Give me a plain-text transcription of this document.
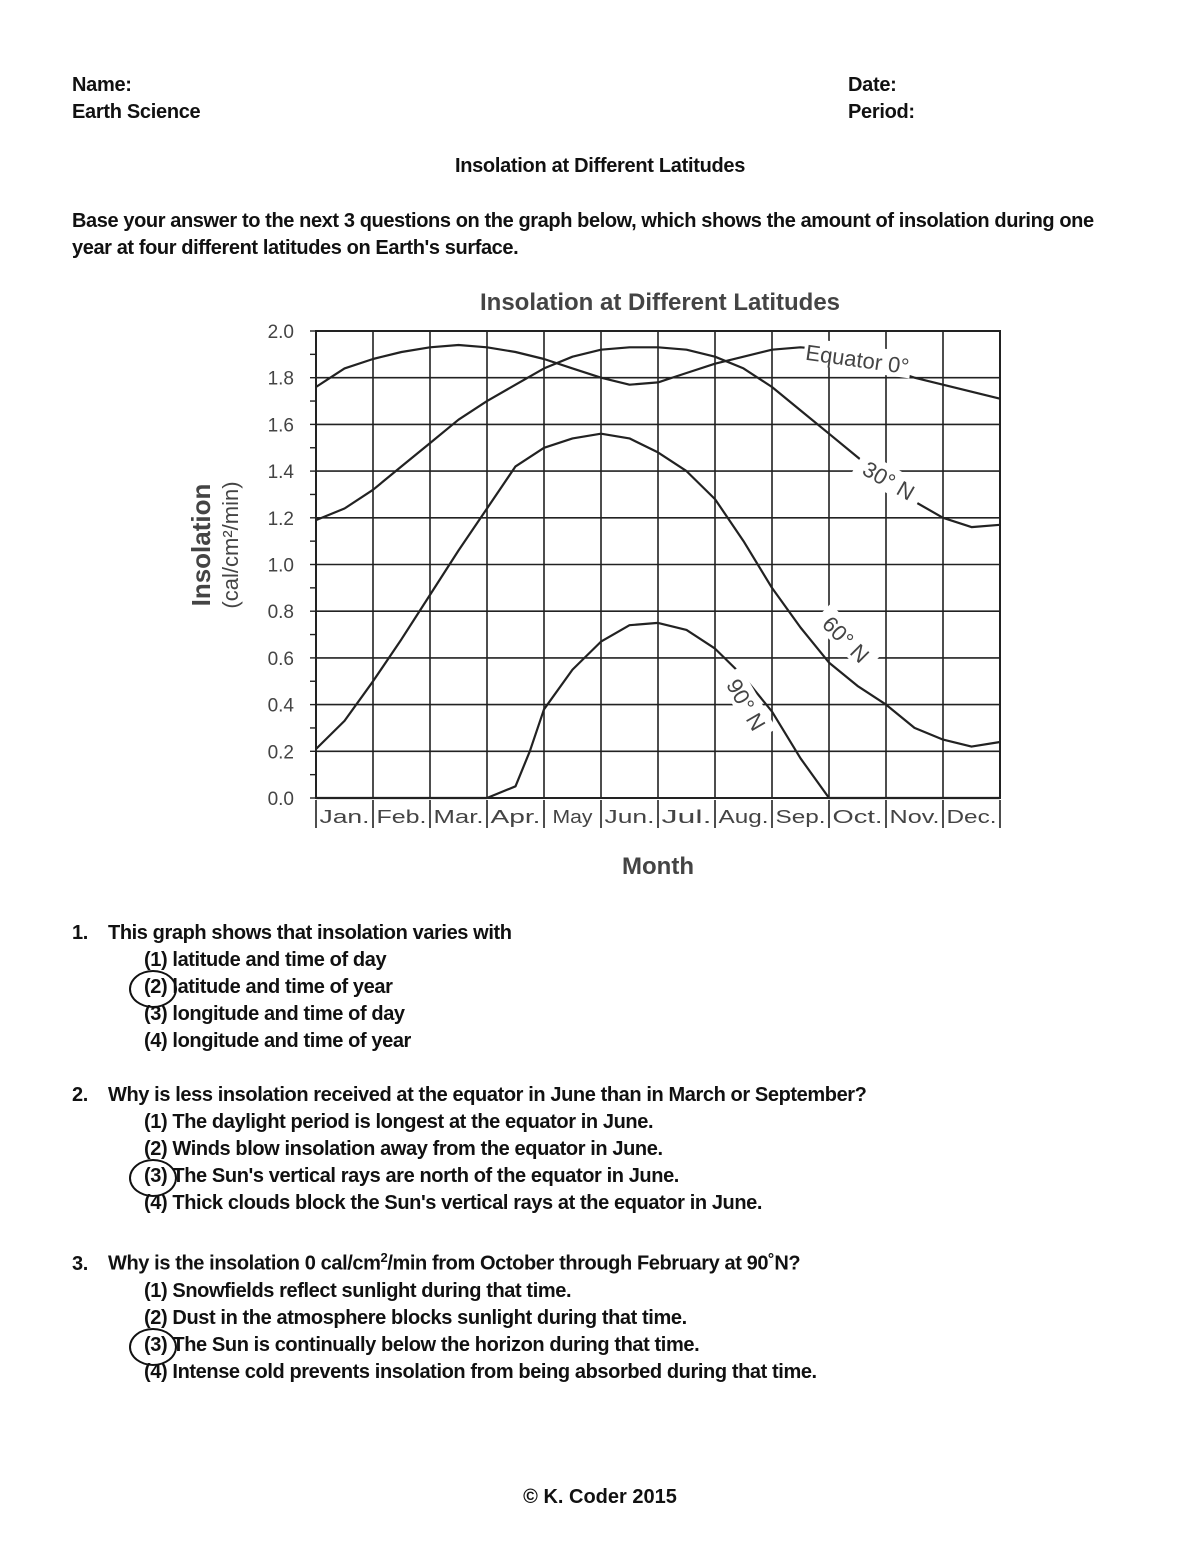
Name:
Earth Science
Date:
Period:
Insolation at Different Latitudes
Base your answer to the next 3 questions on the graph below, which shows the amount of insolation during one year at four different latitudes on Earth's surface.
Insolation at Different Latitudes
0.0
0.2
0.4
0.6
0.8
1.0
1.2
1.4
1.6
1.8
2.0
Jan. Feb. Mar. Apr. May Jun. Jul. Aug. Sep. Oct. Nov. Dec.
Month
Insolation (cal/cm²/min)
Equator 0°
30° N
60° N
90° N
1. This graph shows that insolation varies with
(1) latitude and time of day
(2) latitude and time of year
(3) longitude and time of day
(4) longitude and time of year
2. Why is less insolation received at the equator in June than in March or September?
(1) The daylight period is longest at the equator in June.
(2) Winds blow insolation away from the equator in June.
(3) The Sun's vertical rays are north of the equator in June.
(4) Thick clouds block the Sun's vertical rays at the equator in June.
3. Why is the insolation 0 cal/$cm^2/\min$ from October through February at 90˚N?
(1) Snowfields reflect sunlight during that time.
(2) Dust in the atmosphere blocks sunlight during that time.
(3) The Sun is continually below the horizon during that time.
(4) Intense cold prevents insolation from being absorbed during that time.
© K. Coder 2015
